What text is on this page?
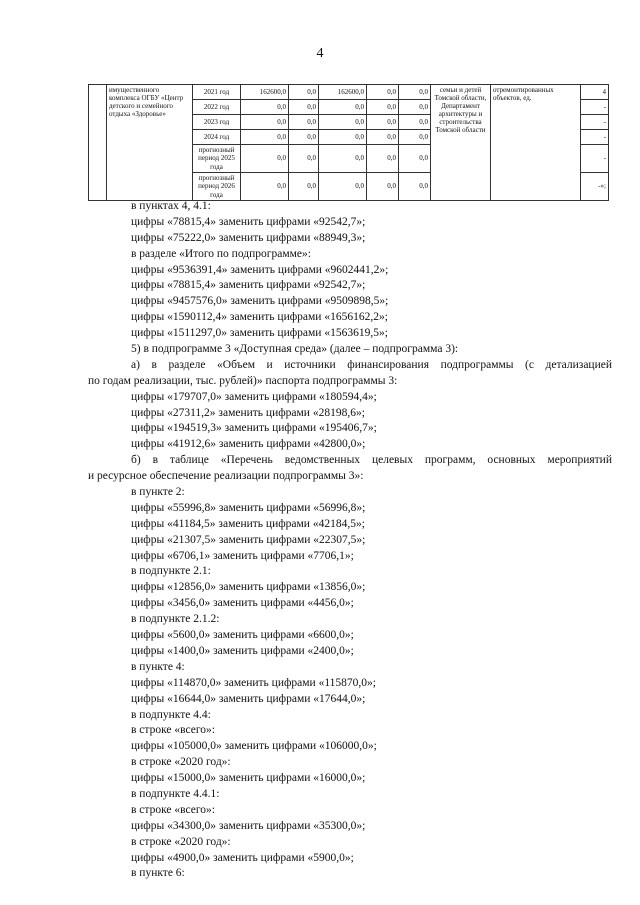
4
	имущественного комплекса ОГБУ «Центр детского и семейного отдыха «Здоровье»	2021 год	162600,0	0,0	162600,0	0,0	0,0	семьи и детей Томской области, Департамент архитектуры и строительства Томской области	отремонтированных объектов, ед.	4
		2022 год	0,0	0,0	0,0	0,0	0,0			-
		2023 год	0,0	0,0	0,0	0,0	0,0			-
		2024 год	0,0	0,0	0,0	0,0	0,0			-
		прогнозный период 2025 года	0,0	0,0	0,0	0,0	0,0			-
		прогнозный период 2026 года	0,0	0,0	0,0	0,0	0,0			-»;
в пунктах 4, 4.1:
цифры «78815,4» заменить цифрами «92542,7»;
цифры «75222,0» заменить цифрами «88949,3»;
в разделе «Итого по подпрограмме»:
цифры «9536391,4» заменить цифрами «9602441,2»;
цифры «78815,4» заменить цифрами «92542,7»;
цифры «9457576,0» заменить цифрами «9509898,5»;
цифры «1590112,4» заменить цифрами «1656162,2»;
цифры «1511297,0» заменить цифрами «1563619,5»;
5) в подпрограмме 3 «Доступная среда» (далее – подпрограмма 3):
а) в разделе «Объем и источники финансирования подпрограммы (с детализацией
по годам реализации, тыс. рублей)» паспорта подпрограммы 3:
цифры «179707,0» заменить цифрами «180594,4»;
цифры «27311,2» заменить цифрами «28198,6»;
цифры «194519,3» заменить цифрами «195406,7»;
цифры «41912,6» заменить цифрами «42800,0»;
б) в таблице «Перечень ведомственных целевых программ, основных мероприятий
и ресурсное обеспечение реализации подпрограммы 3»:
в пункте 2:
цифры «55996,8» заменить цифрами «56996,8»;
цифры «41184,5» заменить цифрами «42184,5»;
цифры «21307,5» заменить цифрами «22307,5»;
цифры «6706,1» заменить цифрами «7706,1»;
в подпункте 2.1:
цифры «12856,0» заменить цифрами «13856,0»;
цифры «3456,0» заменить цифрами «4456,0»;
в подпункте 2.1.2:
цифры «5600,0» заменить цифрами «6600,0»;
цифры «1400,0» заменить цифрами «2400,0»;
в пункте 4:
цифры «114870,0» заменить цифрами «115870,0»;
цифры «16644,0» заменить цифрами «17644,0»;
в подпункте 4.4:
в строке «всего»:
цифры «105000,0» заменить цифрами «106000,0»;
в строке «2020 год»:
цифры «15000,0» заменить цифрами «16000,0»;
в подпункте 4.4.1:
в строке «всего»:
цифры «34300,0» заменить цифрами «35300,0»;
в строке «2020 год»:
цифры «4900,0» заменить цифрами «5900,0»;
в пункте 6:
